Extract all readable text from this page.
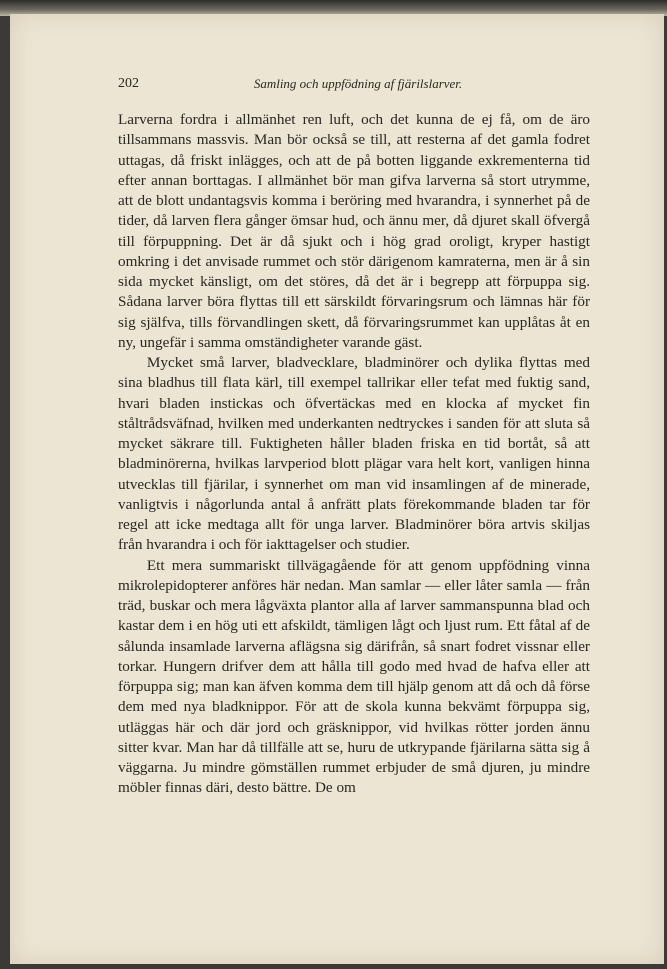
202	Samling och uppfödning af fjärilslarver.

Larverna fordra i allmänhet ren luft, och det kunna de ej få, om de äro tillsammans massvis. Man bör också se till, att resterna af det gamla fodret uttagas, då friskt inlägges, och att de på botten liggande exkrementerna tid efter annan borttagas. I allmänhet bör man gifva larverna så stort utrymme, att de blott undantagsvis komma i beröring med hvarandra, i synnerhet på de tider, då larven flera gånger ömsar hud, och ännu mer, då djuret skall öfvergå till förpuppning. Det är då sjukt och i hög grad oroligt, kryper hastigt omkring i det anvisade rummet och stör därigenom kamraterna, men är å sin sida mycket känsligt, om det störes, då det är i begrepp att förpuppa sig. Sådana larver böra flyttas till ett särskildt förvaringsrum och lämnas här för sig själfva, tills förvandlingen skett, då förvaringsrummet kan upplåtas åt en ny, ungefär i samma omständigheter varande gäst.

Mycket små larver, bladvecklare, bladminörer och dylika flyttas med sina bladhus till flata kärl, till exempel tallrikar eller tefat med fuktig sand, hvari bladen instickas och öfvertäckas med en klocka af mycket fin ståltrådsväfnad, hvilken med underkanten nedtryckes i sanden för att sluta så mycket säkrare till. Fuktigheten håller bladen friska en tid bortåt, så att bladminörerna, hvilkas larvperiod blott plägar vara helt kort, vanligen hinna utvecklas till fjärilar, i synnerhet om man vid insamlingen af de minerade, vanligtvis i någorlunda antal å anfrätt plats förekommande bladen tar för regel att icke medtaga allt för unga larver. Bladminörer böra artvis skiljas från hvarandra i och för iakttagelser och studier.

Ett mera summariskt tillvägagående för att genom uppfödning vinna mikrolepidopterer anföres här nedan. Man samlar — eller låter samla — från träd, buskar och mera lågväxta plantor alla af larver sammanspunna blad och kastar dem i en hög uti ett afskildt, tämligen lågt och ljust rum. Ett fåtal af de sålunda insamlade larverna aflägsna sig därifrån, så snart fodret vissnar eller torkar. Hungern drifver dem att hålla till godo med hvad de hafva eller att förpuppa sig; man kan äfven komma dem till hjälp genom att då och då förse dem med nya bladknippor. För att de skola kunna bekvämt förpuppa sig, utläggas här och där jord och gräsknippor, vid hvilkas rötter jorden ännu sitter kvar. Man har då tillfälle att se, huru de utkrypande fjärilarna sätta sig å väggarna. Ju mindre gömställen rummet erbjuder de små djuren, ju mindre möbler finnas däri, desto bättre. De om
